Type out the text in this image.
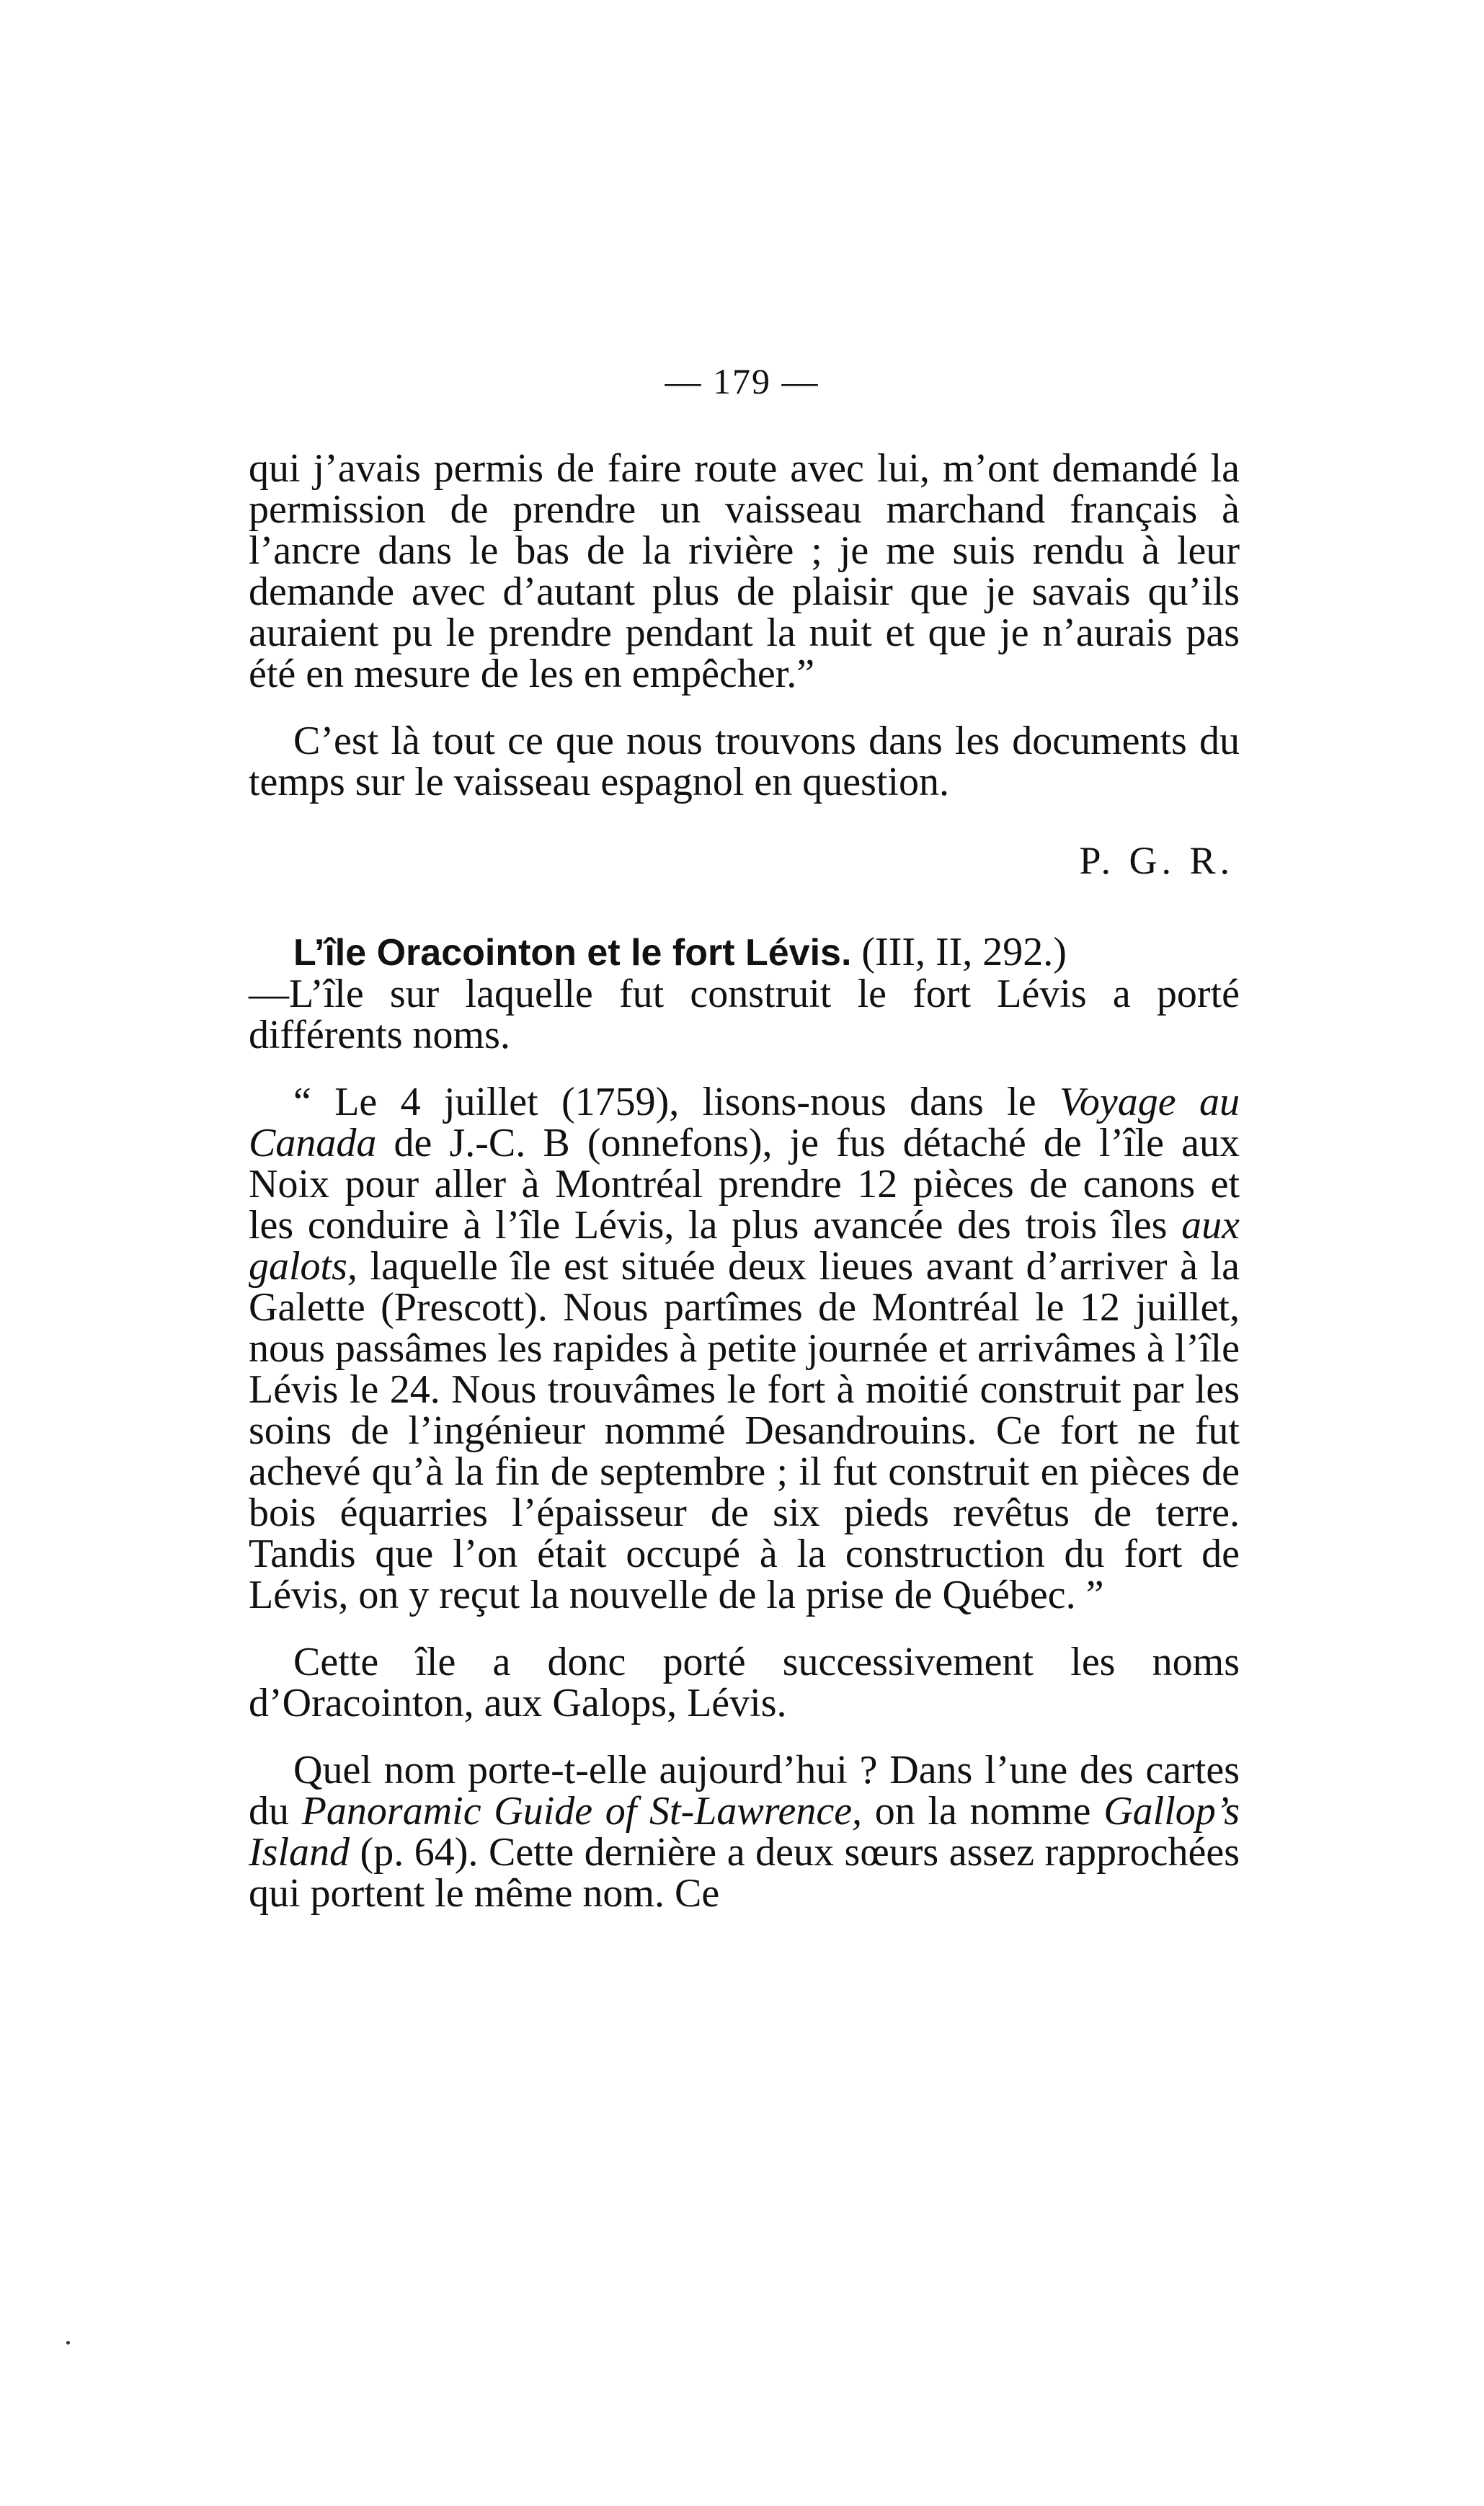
— 179 —

qui j’avais permis de faire route avec lui, m’ont demandé la permission de prendre un vaisseau marchand français à l’ancre dans le bas de la rivière ; je me suis rendu à leur demande avec d’autant plus de plaisir que je savais qu’ils auraient pu le prendre pendant la nuit et que je n’aurais pas été en mesure de les en empêcher.”

C’est là tout ce que nous trouvons dans les documents du temps sur le vaisseau espagnol en question.

P. G. R.

L’île Oracointon et le fort Lévis. (III, II, 292.)
—L’île sur laquelle fut construit le fort Lévis a porté différents noms.

“ Le 4 juillet (1759), lisons-nous dans le Voyage au Canada de J.-C. B (onnefons), je fus détaché de l’île aux Noix pour aller à Montréal prendre 12 pièces de canons et les conduire à l’île Lévis, la plus avancée des trois îles aux galots, laquelle île est située deux lieues avant d’arriver à la Galette (Prescott). Nous partîmes de Montréal le 12 juillet, nous passâmes les rapides à petite journée et arrivâmes à l’île Lévis le 24. Nous trouvâmes le fort à moitié construit par les soins de l’ingénieur nommé Desandrouins. Ce fort ne fut achevé qu’à la fin de septembre ; il fut construit en pièces de bois équarries l’épaisseur de six pieds revêtus de terre. Tandis que l’on était occupé à la construction du fort de Lévis, on y reçut la nouvelle de la prise de Québec. ”

Cette île a donc porté successivement les noms d’Oracointon, aux Galops, Lévis.

Quel nom porte-t-elle aujourd’hui ? Dans l’une des cartes du Panoramic Guide of St-Lawrence, on la nomme Gallop’s Island (p. 64). Cette dernière a deux sœurs assez rapprochées qui portent le même nom. Ce
